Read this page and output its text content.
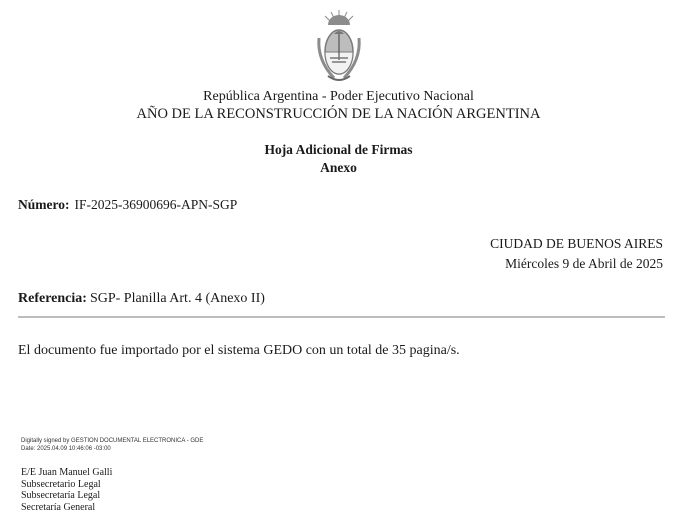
República Argentina - Poder Ejecutivo Nacional
AÑO DE LA RECONSTRUCCIÓN DE LA NACIÓN ARGENTINA
Hoja Adicional de Firmas
Anexo
Número: IF-2025-36900696-APN-SGP
CIUDAD DE BUENOS AIRES
Miércoles 9 de Abril de 2025
Referencia: SGP- Planilla Art. 4 (Anexo II)
El documento fue importado por el sistema GEDO con un total de 35 pagina/s.
Digitally signed by GESTION DOCUMENTAL ELECTRONICA - GDE
Date: 2025.04.09 10:46:06 -03:00
E/E Juan Manuel Galli
Subsecretario Legal
Subsecretaría Legal
Secretaría General
